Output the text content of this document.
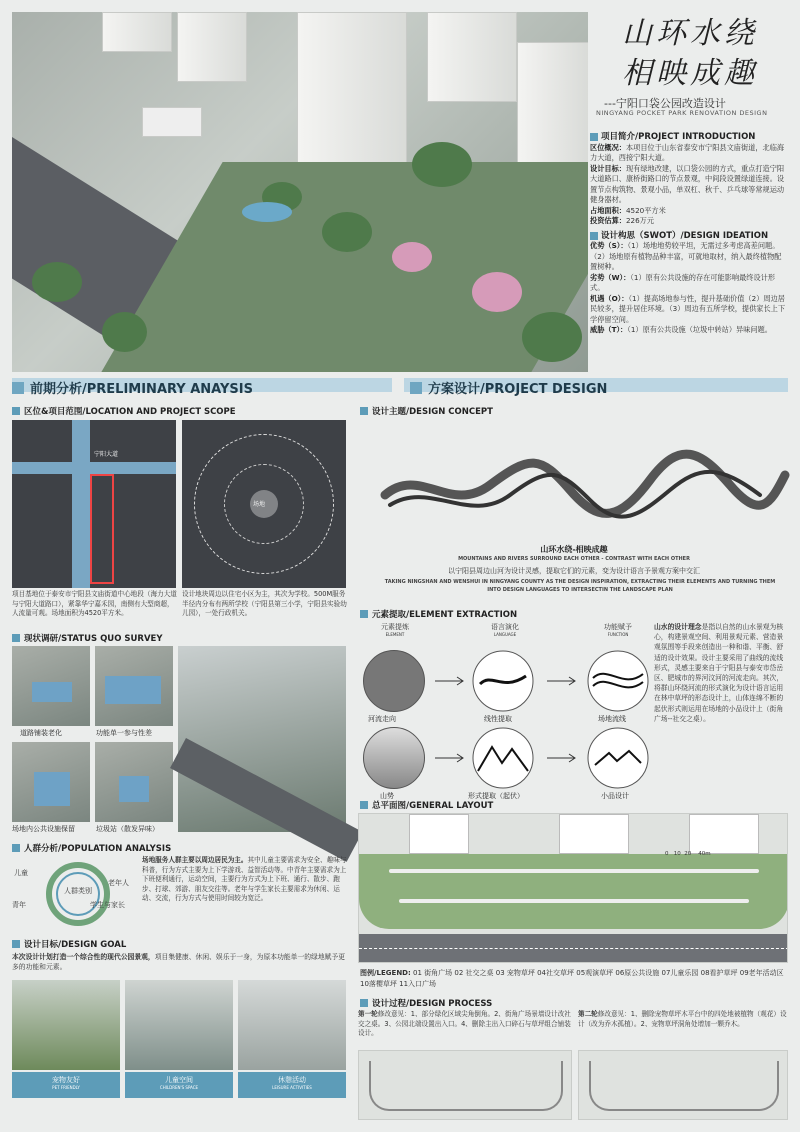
山环水绕
相映成趣
---宁阳口袋公园改造设计
NINGYANG POCKET PARK RENOVATION DESIGN
项目简介/PROJECT INTRODUCTION
区位概况：本项目位于山东省泰安市宁阳县文庙街道，北临海力大道，西接宁阳大道。
设计目标：现有绿地改建，以口袋公园的方式，重点打造宁阳大道路口、康桥街路口的节点景观，中间段设置绿道连接。设置节点构筑物、景观小品，单双杠、秋千、乒乓球等常规运动健身器材。
占地面积：4520平方米
投资估算：226万元
设计构思（SWOT）/DESIGN IDEATION
优势（S）：（1）场地地势较平坦，无需过多考虑高差问题。（2）场地原有植物品种丰富，可就地取材，纳入最终植物配置树种。
劣势（W）：（1）原有公共设施的存在可能影响最终设计形式。
机遇（O）：（1）提高场地参与性，提升基础价值（2）周边居民较多，提升居住环境。（3）周边有五所学校，提供家长上下学停留空间。
威胁（T）：（1）原有公共设施（垃圾中转站）异味问题。
前期分析/PRELIMINARY ANAYSIS	方案设计/PROJECT DESIGN
区位&项目范围/LOCATION AND PROJECT SCOPE
宁阳大道
场地
项目基地位于泰安市宁阳县文庙街道中心地段（海力大道与宁阳大道路口），紧靠华宁嘉禾园，南侧有大型商超，人流量可观。场地面积为4520平方米。
设计地块周边以住宅小区为主，其次为学校。500M服务半径内分布有两所学校（宁阳县第三小学，宁阳县实验幼儿园），一处行政机关。
现状调研/STATUS QUO SURVEY
道路铺装老化	功能单一参与性差
场地内公共设施保留	垃圾站（散发异味）
人群分析/POPULATION ANALYSIS
人群类别
儿童
老年人
青年	学生与家长
场地服务人群主要以周边居民为主。其中儿童主要需求为安全、趣味与科普，行为方式主要为上下学游戏、益智活动等。中青年主要需求为上下班便利通行，运动空间，主要行为方式为上下班、通行、散步、跑步、打球、郊游、朋友交往等。老年与学生家长主要需求为休闲、运动、交流，行为方式与使用时间较为宽泛。
设计目标/DESIGN GOAL
本次设计计划打造一个综合性的现代公园景观，项目集健康、休闲、娱乐于一身，为原本功能单一的绿地赋予更多的功能和元素。
宠物友好
PET FRIENDLY
儿童空间
CHILDREN'S SPACE
休憩活动
LEISURE ACTIVITIES
设计主题/DESIGN CONCEPT
山环水绕-相映成趣
MOUNTAINS AND RIVERS SURROUND EACH OTHER - CONTRAST WITH EACH OTHER
以宁阳县周边山河为设计灵感，提取它们的元素，变为设计语言予景观方案中交汇
TAKING NINGSHAN AND WENSHUI IN NINGYANG COUNTY AS THE DESIGN INSPIRATION, EXTRACTING THEIR ELEMENTS AND TURNING THEM INTO DESIGN LANGUAGES TO INTERSECTIN THE LANDSCAPE PLAN
元素提取/ELEMENT EXTRACTION
元素提炼
ELEMENT
语言演化
LANGUAGE
功能赋予
FUNCTION
河流走向	线性提取	场地流线
山势	形式提取（起伏）	小品设计
山水的设计理念是指以自然的山水景观为核心，构建景观空间、利用景观元素、营造景观氛围等手段来创造出一种和谐、平衡、舒适的设计效果。设计主要采用了曲线的流线形式，灵感主要来自于宁阳县与泰安市岱岳区、肥城市的界河汶河的河流走向。其次，将群山环绕河流的形式演化为设计语言运用在林中草坪的形态设计上，山体连绵不断的起伏形式则运用在场地的小品设计上（街角广场--社交之桌）。
总平面图/GENERAL LAYOUT
0 10 20 40m
图例/LEGEND: 01 街角广场 02 社交之桌 03 宠物草坪 04社交草坪 05观演草坪 06原公共设施 07儿童乐园 08看护草坪 09老年活动区 10落樱草坪 11入口广场
设计过程/DESIGN PROCESS
第一轮修改意见：1、部分绿化区域尖角倒角。2、街角广场景墙设计改社交之桌。3、公园北端设置出入口。4、删除主出入口碎石与草坪组合铺装设计。
第二轮修改意见：1、删除宠物草坪木平台中的四处地被植物（观花）设计（改为乔木孤植）。2、宠物草坪洞角处增加一颗乔木。
